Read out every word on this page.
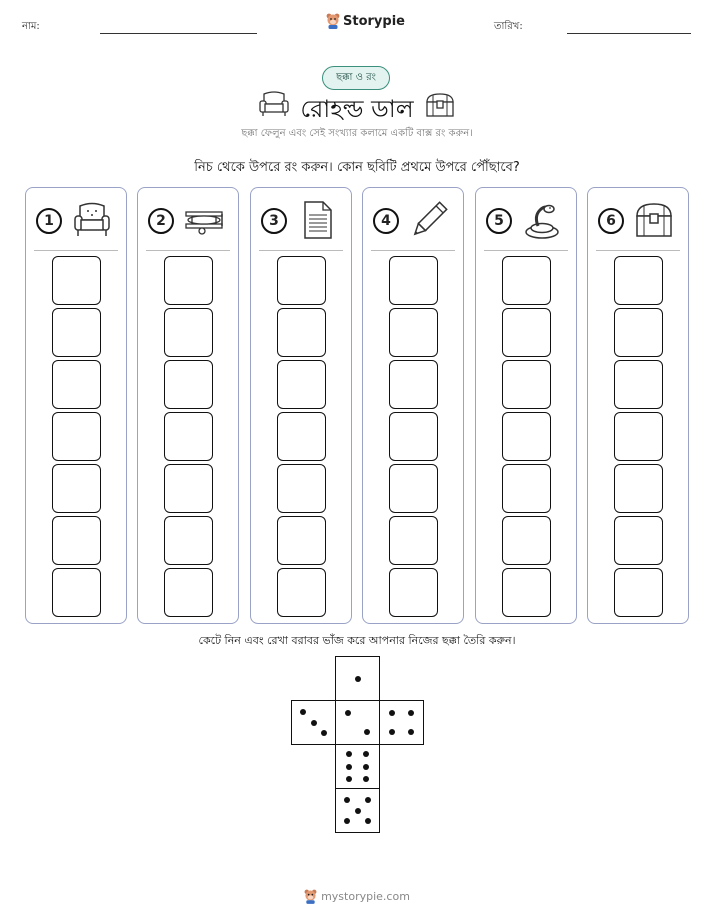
নাম:	Storypie	তারিখ:
ছক্কা ও রং
রোহল্ড ডাল
ছক্কা ফেলুন এবং সেই সংখ্যার কলামে একটি বাক্স রং করুন।
নিচ থেকে উপরে রং করুন। কোন ছবিটি প্রথমে উপরে পৌঁছাবে?
1	2	3	4	5	6
কেটে নিন এবং রেখা বরাবর ভাঁজ করে আপনার নিজের ছক্কা তৈরি করুন।
mystorypie.com
